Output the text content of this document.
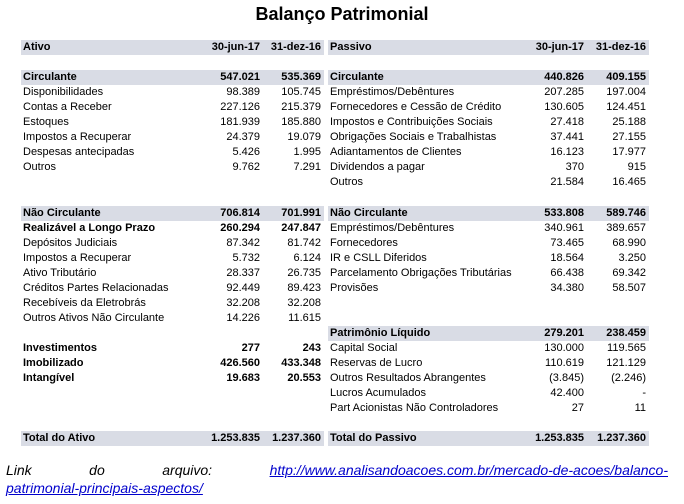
Balanço Patrimonial
Ativo	30-jun-17	31-dez-16

Circulante	547.021	535.369
Disponibilidades	98.389	105.745
Contas a Receber	227.126	215.379
Estoques	181.939	185.880
Impostos a Recuperar	24.379	19.079
Despesas antecipadas	5.426	1.995
Outros	9.762	7.291

Não Circulante	706.814	701.991
Realizável a Longo Prazo	260.294	247.847
Depósitos Judiciais	87.342	81.742
Impostos a Recuperar	5.732	6.124
Ativo Tributário	28.337	26.735
Créditos Partes Relacionadas	92.449	89.423
Recebíveis da Eletrobrás	32.208	32.208
Outros Ativos Não Circulante	14.226	11.615

Investimentos	277	243
Imobilizado	426.560	433.348
Intangível	19.683	20.553

Total do Ativo	1.253.835	1.237.360
Passivo	30-jun-17	31-dez-16

Circulante	440.826	409.155
Empréstimos/Debêntures	207.285	197.004
Fornecedores e Cessão de Crédito	130.605	124.451
Impostos e Contribuições Sociais	27.418	25.188
Obrigações Sociais e Trabalhistas	37.441	27.155
Adiantamentos de Clientes	16.123	17.977
Dividendos a pagar	370	915
Outros	21.584	16.465

Não Circulante	533.808	589.746
Empréstimos/Debêntures	340.961	389.657
Fornecedores	73.465	68.990
IR e CSLL Diferidos	18.564	3.250
Parcelamento Obrigações Tributárias	66.438	69.342
Provisões	34.380	58.507

Patrimônio Líquido	279.201	238.459
Capital Social	130.000	119.565
Reservas de Lucro	110.619	121.129
Outros Resultados Abrangentes	(3.845)	(2.246)
Lucros Acumulados	42.400	-
Part Acionistas Não Controladores	27	11

Total do Passivo	1.253.835	1.237.360
Link do arquivo:	http://www.analisandoacoes.com.br/mercado-de-acoes/balanco-
patrimonial-principais-aspectos/
